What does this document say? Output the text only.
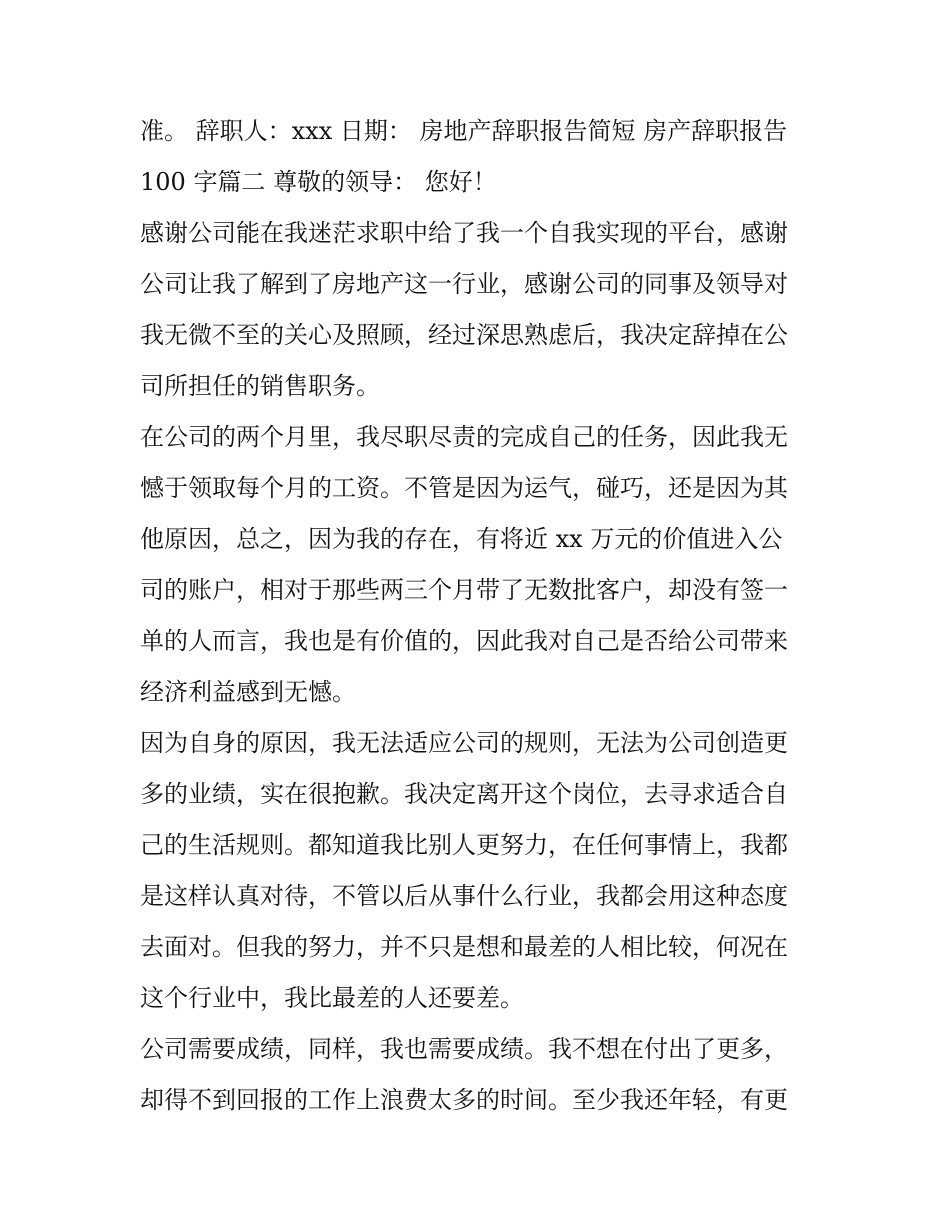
准。 辞职人：xxx 日期： 房地产辞职报告简短 房产辞职报告
100 字篇二 尊敬的领导： 您好！
感谢公司能在我迷茫求职中给了我一个自我实现的平台，感谢
公司让我了解到了房地产这一行业，感谢公司的同事及领导对
我无微不至的关心及照顾，经过深思熟虑后，我决定辞掉在公
司所担任的销售职务。
在公司的两个月里，我尽职尽责的完成自己的任务，因此我无
憾于领取每个月的工资。不管是因为运气，碰巧，还是因为其
他原因，总之，因为我的存在，有将近 xx 万元的价值进入公
司的账户，相对于那些两三个月带了无数批客户，却没有签一
单的人而言，我也是有价值的，因此我对自己是否给公司带来
经济利益感到无憾。
因为自身的原因，我无法适应公司的规则，无法为公司创造更
多的业绩，实在很抱歉。我决定离开这个岗位，去寻求适合自
己的生活规则。都知道我比别人更努力，在任何事情上，我都
是这样认真对待，不管以后从事什么行业，我都会用这种态度
去面对。但我的努力，并不只是想和最差的人相比较，何况在
这个行业中，我比最差的人还要差。
公司需要成绩，同样，我也需要成绩。我不想在付出了更多，
却得不到回报的工作上浪费太多的时间。至少我还年轻，有更
